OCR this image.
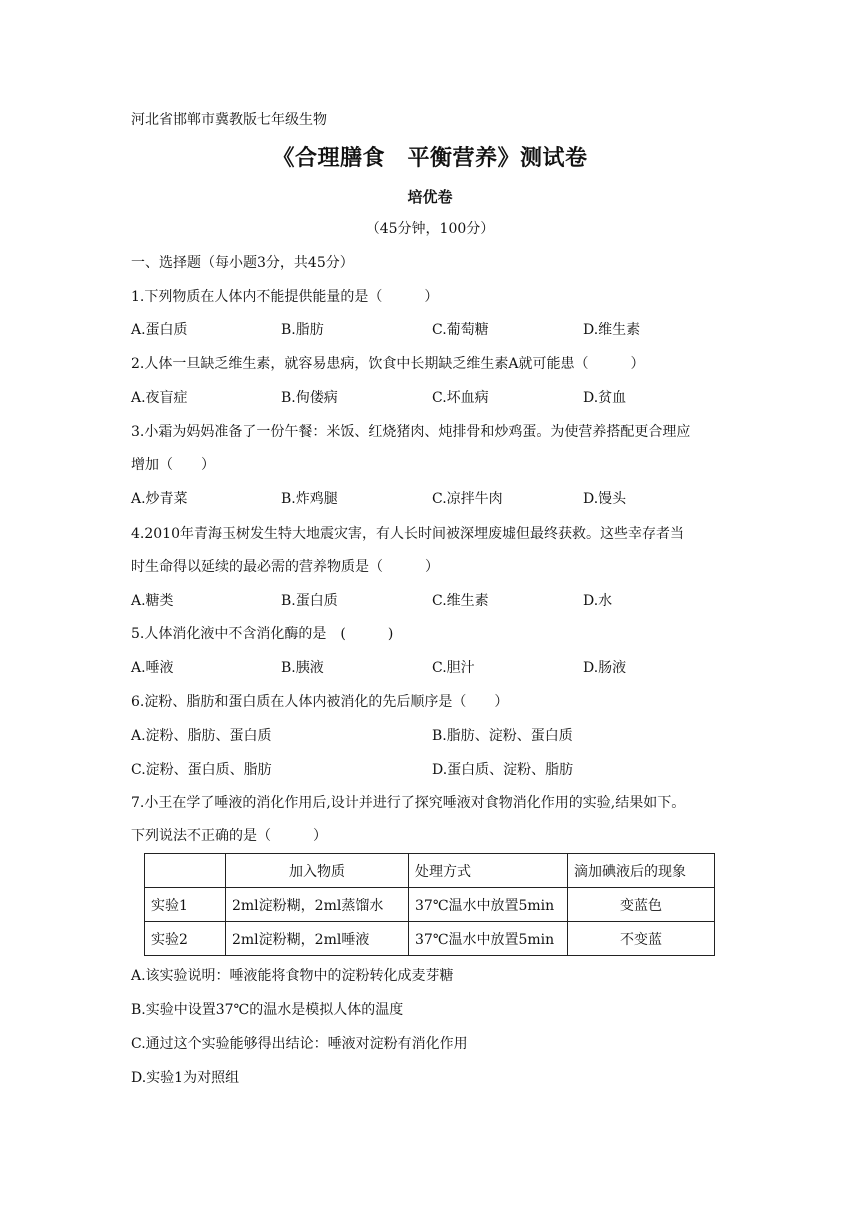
河北省邯郸市冀教版七年级生物
《合理膳食　平衡营养》测试卷
培优卷
（45分钟，100分）
一、选择题（每小题3分，共45分）
1.下列物质在人体内不能提供能量的是（　　　）
A.蛋白质	B.脂肪	C.葡萄糖	D.维生素
2.人体一旦缺乏维生素，就容易患病，饮食中长期缺乏维生素A就可能患（　　　）
A.夜盲症	B.佝偻病	C.坏血病	D.贫血
3.小霜为妈妈准备了一份午餐：米饭、红烧猪肉、炖排骨和炒鸡蛋。为使营养搭配更合理应
增加（　　）
A.炒青菜	B.炸鸡腿	C.凉拌牛肉	D.馒头
4.2010年青海玉树发生特大地震灾害，有人长时间被深埋废墟但最终获救。这些幸存者当
时生命得以延续的最必需的营养物质是（　　　）
A.糖类	B.蛋白质	C.维生素	D.水
5.人体消化液中不含消化酶的是　(　　　)
A.唾液	B.胰液	C.胆汁	D.肠液
6.淀粉、脂肪和蛋白质在人体内被消化的先后顺序是（　　）
A.淀粉、脂肪、蛋白质	B.脂肪、淀粉、蛋白质
C.淀粉、蛋白质、脂肪	D.蛋白质、淀粉、脂肪
7.小王在学了唾液的消化作用后,设计并进行了探究唾液对食物消化作用的实验,结果如下。
下列说法不正确的是（　　　）
	加入物质	处理方式	滴加碘液后的现象
实验1	2ml淀粉糊，2ml蒸馏水	37℃温水中放置5min	变蓝色
实验2	2ml淀粉糊，2ml唾液	37℃温水中放置5min	不变蓝
A.该实验说明：唾液能将食物中的淀粉转化成麦芽糖
B.实验中设置37℃的温水是模拟人体的温度
C.通过这个实验能够得出结论：唾液对淀粉有消化作用
D.实验1为对照组
